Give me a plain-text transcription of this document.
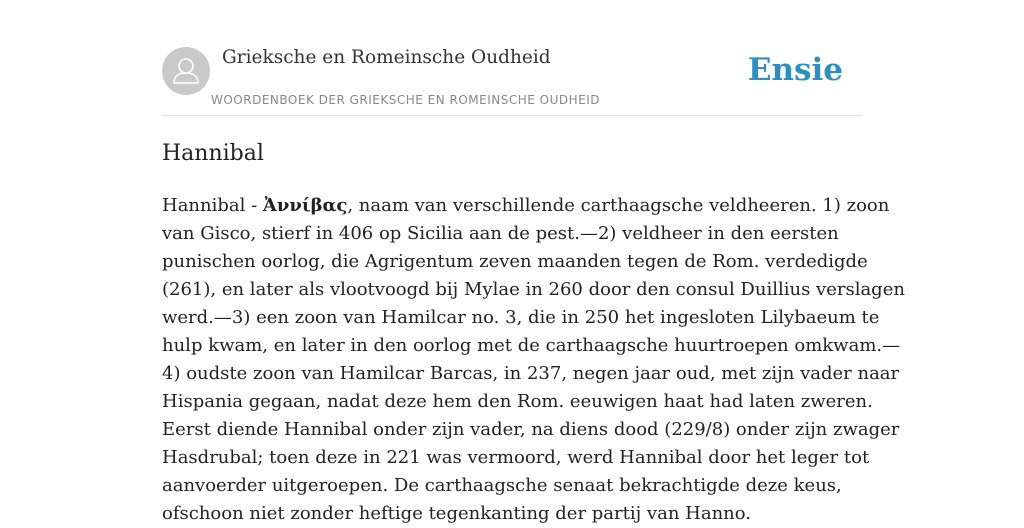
Grieksche en Romeinsche Oudheid
WOORDENBOEK DER GRIEKSCHE EN ROMEINSCHE OUDHEID
Ensie
Hannibal
Hannibal - Ἀννίβας, naam van verschillende carthaagsche veldheeren. 1) zoon
van Gisco, stierf in 406 op Sicilia aan de pest.—2) veldheer in den eersten
punischen oorlog, die Agrigentum zeven maanden tegen de Rom. verdedigde
(261), en later als vlootvoogd bij Mylae in 260 door den consul Duillius verslagen
werd.—3) een zoon van Hamilcar no. 3, die in 250 het ingesloten Lilybaeum te
hulp kwam, en later in den oorlog met de carthaagsche huurtroepen omkwam.—
4) oudste zoon van Hamilcar Barcas, in 237, negen jaar oud, met zijn vader naar
Hispania gegaan, nadat deze hem den Rom. eeuwigen haat had laten zweren.
Eerst diende Hannibal onder zijn vader, na diens dood (229/8) onder zijn zwager
Hasdrubal; toen deze in 221 was vermoord, werd Hannibal door het leger tot
aanvoerder uitgeroepen. De carthaagsche senaat bekrachtigde deze keus,
ofschoon niet zonder heftige tegenkanting der partij van Hanno.
